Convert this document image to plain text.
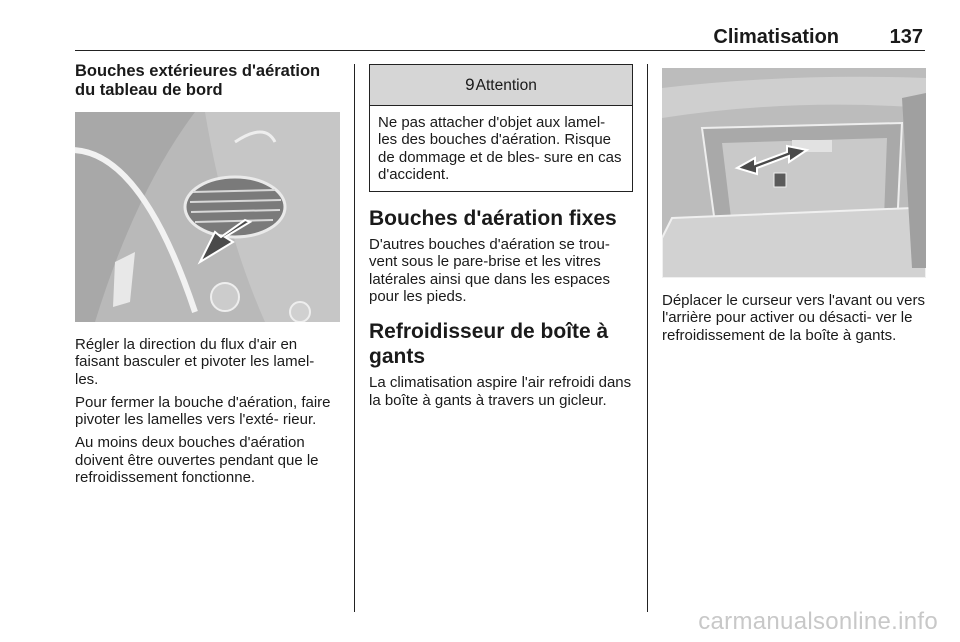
Climatisation	137
Bouches extérieures d'aération du tableau de bord

Régler la direction du flux d'air en faisant basculer et pivoter les lamel- les.

Pour fermer la bouche d'aération, faire pivoter les lamelles vers l'exté- rieur.

Au moins deux bouches d'aération doivent être ouvertes pendant que le refroidissement fonctionne.

9Attention

Ne pas attacher d'objet aux lamel- les des bouches d'aération. Risque de dommage et de bles- sure en cas d'accident.

Bouches d'aération fixes

D'autres bouches d'aération se trou- vent sous le pare-brise et les vitres latérales ainsi que dans les espaces pour les pieds.

Refroidisseur de boîte à gants

La climatisation aspire l'air refroidi dans la boîte à gants à travers un gicleur.

Déplacer le curseur vers l'avant ou vers l'arrière pour activer ou désacti- ver le refroidissement de la boîte à gants.

carmanualsonline.info
